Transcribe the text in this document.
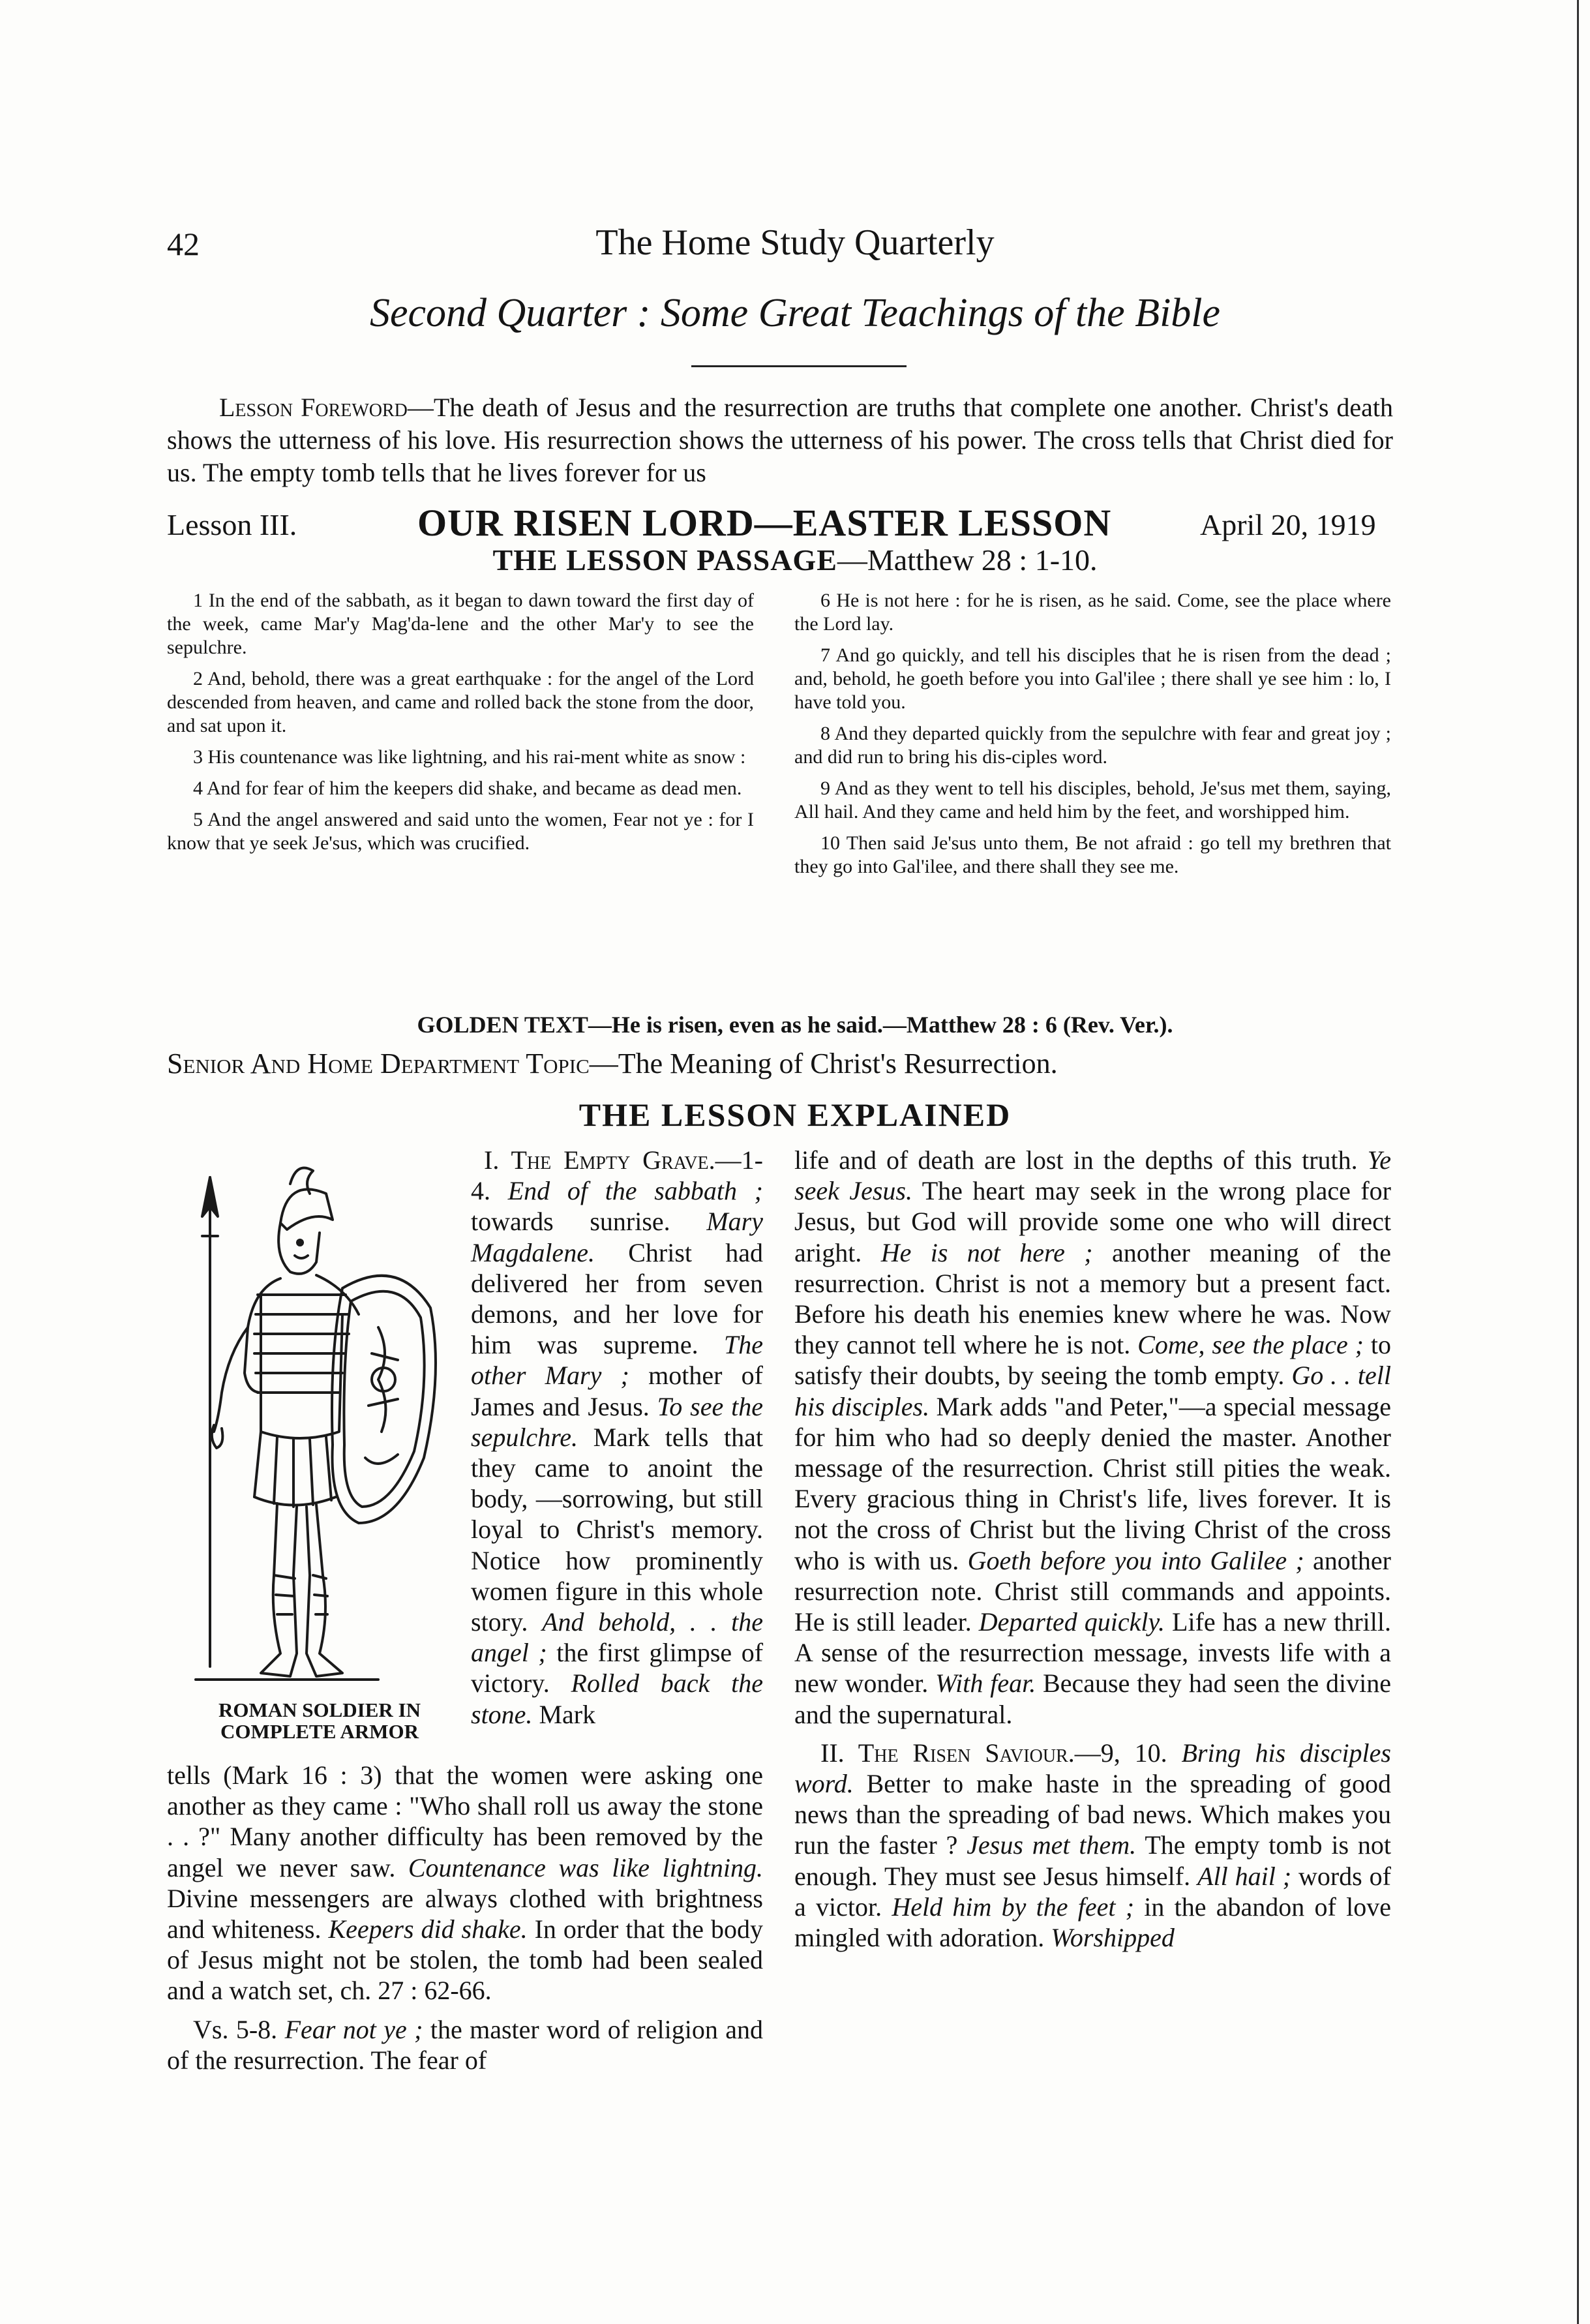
42	The Home Study Quarterly
Second Quarter : Some Great Teachings of the Bible
Lesson Foreword—The death of Jesus and the resurrection are truths that complete one another. Christ's death shows the utterness of his love. His resurrection shows the utterness of his power. The cross tells that Christ died for us. The empty tomb tells that he lives forever for us
Lesson III.	OUR RISEN LORD—EASTER LESSON	April 20, 1919
THE LESSON PASSAGE—Matthew 28 : 1-10.

1 In the end of the sabbath, as it began to dawn toward the first day of the week, came Mar'y Mag'da-lene and the other Mar'y to see the sepulchre.

2 And, behold, there was a great earthquake : for the angel of the Lord descended from heaven, and came and rolled back the stone from the door, and sat upon it.

3 His countenance was like lightning, and his rai-ment white as snow :

4 And for fear of him the keepers did shake, and became as dead men.

5 And the angel answered and said unto the women, Fear not ye : for I know that ye seek Je'sus, which was crucified.

6 He is not here : for he is risen, as he said. Come, see the place where the Lord lay.

7 And go quickly, and tell his disciples that he is risen from the dead ; and, behold, he goeth before you into Gal'ilee ; there shall ye see him : lo, I have told you.

8 And they departed quickly from the sepulchre with fear and great joy ; and did run to bring his dis-ciples word.

9 And as they went to tell his disciples, behold, Je'sus met them, saying, All hail. And they came and held him by the feet, and worshipped him.

10 Then said Je'sus unto them, Be not afraid : go tell my brethren that they go into Gal'ilee, and there shall they see me.

GOLDEN TEXT—He is risen, even as he said.—Matthew 28 : 6 (Rev. Ver.).
Senior And Home Department Topic—The Meaning of Christ's Resurrection.
THE LESSON EXPLAINED
ROMAN SOLDIER IN
COMPLETE ARMOR

I. The Empty Grave.—1-4. End of the sabbath ; towards sunrise. Mary Magdalene. Christ had delivered her from seven demons, and her love for him was supreme. The other Mary ; mother of James and Jesus. To see the sepulchre. Mark tells that they came to anoint the body, —sorrowing, but still loyal to Christ's memory. Notice how prominently women figure in this whole story. And behold, . . the angel ; the first glimpse of victory. Rolled back the stone. Mark

tells (Mark 16 : 3) that the women were asking one another as they came : "Who shall roll us away the stone . . ?" Many another difficulty has been removed by the angel we never saw. Countenance was like lightning. Divine messengers are always clothed with brightness and whiteness. Keepers did shake. In order that the body of Jesus might not be stolen, the tomb had been sealed and a watch set, ch. 27 : 62-66.

Vs. 5-8. Fear not ye ; the master word of religion and of the resurrection. The fear of

life and of death are lost in the depths of this truth. Ye seek Jesus. The heart may seek in the wrong place for Jesus, but God will provide some one who will direct aright. He is not here ; another meaning of the resurrection. Christ is not a memory but a present fact. Before his death his enemies knew where he was. Now they cannot tell where he is not. Come, see the place ; to satisfy their doubts, by seeing the tomb empty. Go . . tell his disciples. Mark adds "and Peter,"—a special message for him who had so deeply denied the master. Another message of the resurrection. Christ still pities the weak. Every gracious thing in Christ's life, lives forever. It is not the cross of Christ but the living Christ of the cross who is with us. Goeth before you into Galilee ; another resurrection note. Christ still commands and appoints. He is still leader. Departed quickly. Life has a new thrill. A sense of the resurrection message, invests life with a new wonder. With fear. Because they had seen the divine and the supernatural.

II. The Risen Saviour.—9, 10. Bring his disciples word. Better to make haste in the spreading of good news than the spreading of bad news. Which makes you run the faster ? Jesus met them. The empty tomb is not enough. They must see Jesus himself. All hail ; words of a victor. Held him by the feet ; in the abandon of love mingled with adoration. Worshipped
